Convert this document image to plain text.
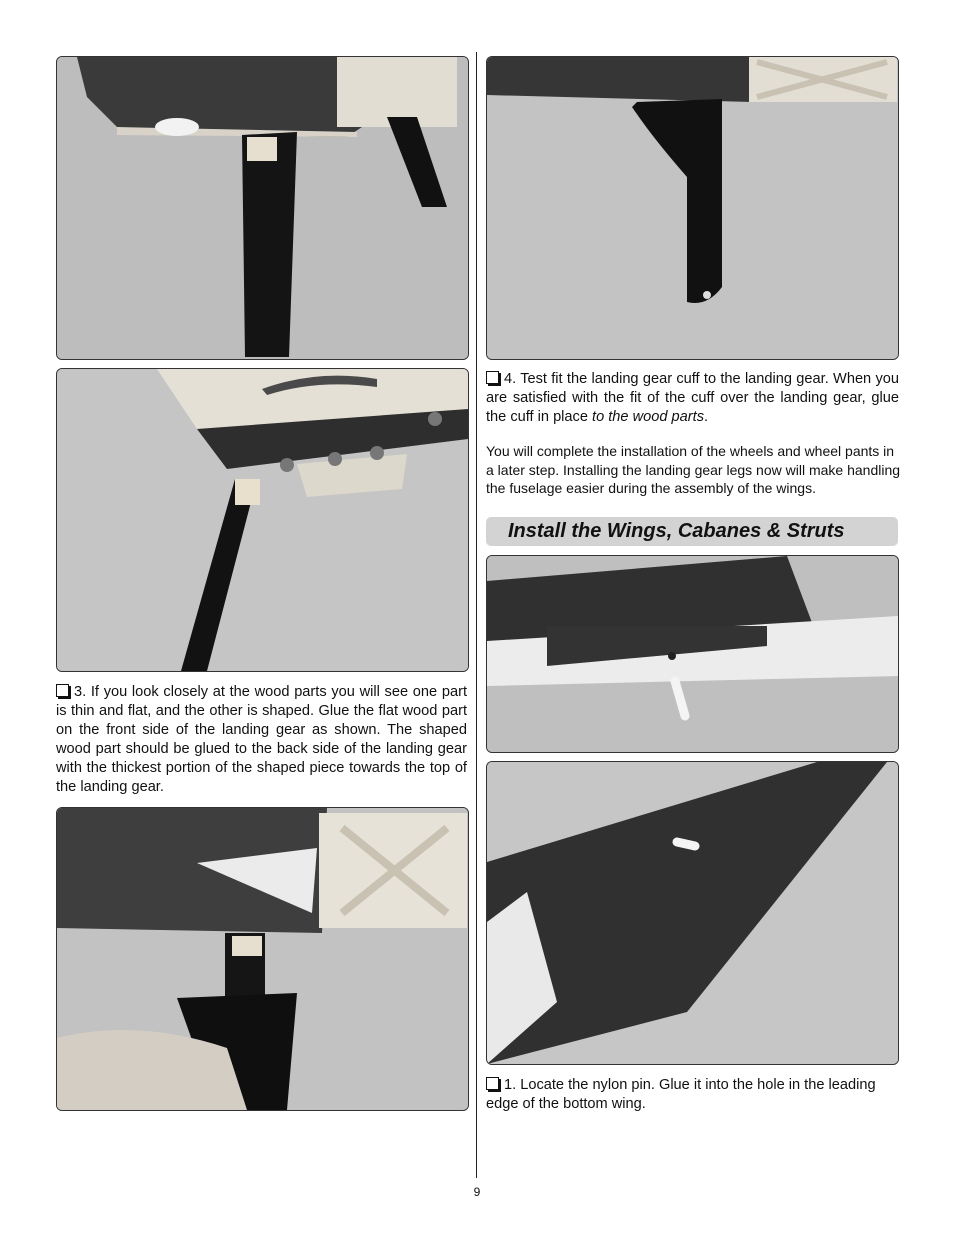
3. If you look closely at the wood parts you will see one part is thin and flat, and the other is shaped. Glue the flat wood part on the front side of the landing gear as shown. The shaped wood part should be glued to the back side of the landing gear with the thickest portion of the shaped piece towards the top of the landing gear.

4. Test fit the landing gear cuff to the landing gear. When you are satisfied with the fit of the cuff over the landing gear, glue the cuff in place to the wood parts.

You will complete the installation of the wheels and wheel pants in a later step. Installing the landing gear legs now will make handling the fuselage easier during the assembly of the wings.

Install the Wings, Cabanes & Struts

1. Locate the nylon pin. Glue it into the hole in the leading edge of the bottom wing.

9
